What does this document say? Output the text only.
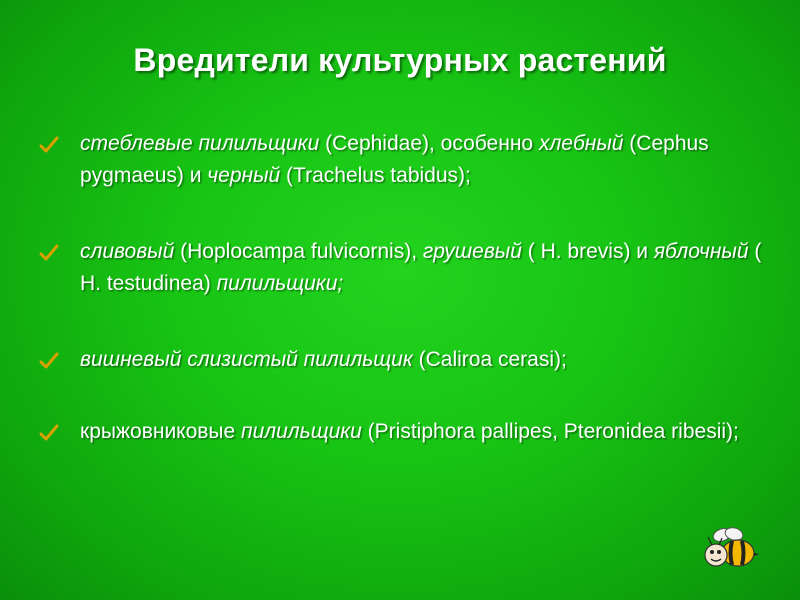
Вредители культурных растений
стеблевые пилильщики (Cephidae), особенно хлебный (Cephus pygmaeus) и черный (Trachelus tabidus);
сливовый (Hoplocampa fulvicornis), грушевый ( H. brevis) и яблочный ( H. testudinea) пилильщики;
вишневый слизистый пилильщик (Caliroa cerasi);
крыжовниковые пилильщики (Pristiphora pallipes, Pteronidea ribesii);
